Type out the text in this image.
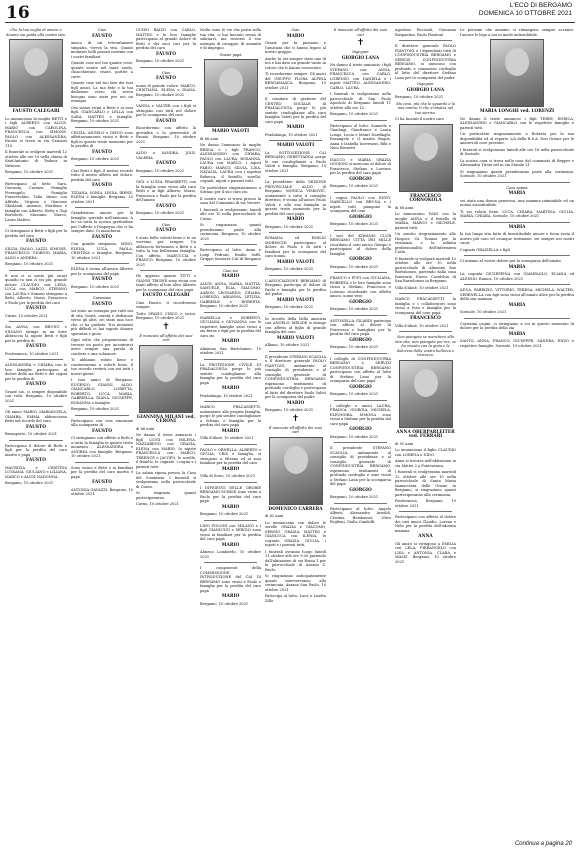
16	L'ECO DI BERGAMO
DOMENICA 10 OTTOBRE 2021

Che la tua voglia di amare e donare sia guida alla nostra vita.

FAUSTO CALEGARI

Lo annunciano la moglie BETTI e i figli ALBERTO con ALICE, MARIO con CAROLINA, FRANCESCA con SIMONE, PAOLO con ALESSANDRA. Fausto si trova in via Camozzi 110.

Il funerale si svolgerà martedì 12 ottobre alle ore 10 nella chiesa di Sant'Antonio di Padova in Valtesse.

Bergamo, 10 ottobre 2021

Partecipano al lutto: Sara, Giovanni, Carmen, Famiglia Pierangelo, Famiglia Franceschini, Talia Vanzo con Alfredo, Virginio e Giacomo Ghislandi, Antonio, Marilena e famiglia con Alberto, Betty e Gigi Bortolotti, Massimo, Marco, Laura Matteo.

Ci stringiamo a Betti e figli per la perdita del caro

FAUSTO

SILVIA, PAOLO, LAZZI, SIMONE, FRANCESCO, GIORGIO, MARIA, ALDO e ANDREA.

Bergamo, 10 ottobre 2021

E non ci si sente più sicuri quando tu non ci sei più, grande dolore CLAUDIO con LENA, LUCA con MARCO, STEFANO con LAURA e Simone stringono a Betti, Alberto, Mario, Francesca e Paolo per la perdita del caro

FAUSTO

Curno, 10 ottobre 2021

Zia ANNA con BRUNO e SILVANO stringe in un forte abbraccio la nipote Betti e figli per la perdita di

FAUSTO

Ponteranica, 10 ottobre 2021

ALESSANDRA e CHIARA con le loro famiglie partecipano al dolore della zia Betti e dei cugini per la perdita di

FAUSTO

Grazie zio, ci sempre disponibile con tutti. Bergamo, 10 ottobre 2021

Gli amici MARIO, MARIANGELA, GIAMBA, EMMA abbracciano Betti nel ricordo del caro

FAUSTO

Brusaporto, 10 ottobre 2021

Partecipano il dolore di Betti e figli per la perdita del caro marito e papà

FAUSTO

MAURIZIA e CRISTINA LUSSANA, GIULIANO e LILIANA, MARCO e ALICE NADONNA.

Bergamo, 10 ottobre 2021

Ciao

FAUSTO

amico di cui letteralmente simpatia, viveva la vita. Quanti momenti belli passati insieme con i nostri familiari.

Quante cose nel tuo quante cene, quante serate nel mare sardo, chiacchierate, risate, partite a carte.

Quante cose nel tuo fare dei tuoi figli amici. La tua fede e la tua dedizione verso chi aveva bisogno sono state per noi un esempio.

Ora siamo vicini a Betti e ai suoi figli. GIANCARLO e LELLA con SARA, MATTEO e famiglie. Bergamo, 10 ottobre 2021

CINZIA, ANGELO e DIEGO sono affettuosamente vicini a Betti e figli in questo triste momento per la perdita di

FAUSTO

Bergamo, 10 ottobre 2021

Cari Betti e figli, il nostro ricordo tutto il nostro affetto nel dolore, perdita del caro

FAUSTO

TIZIANA, SONIA, LINDA, IRENE, ELENA e famiglie. Bergamo, 10 ottobre 2021

Grandissimo amore per la famiglia, speciale nell'amicizia. A lui va tutta la nostra gratitudine per l'affetto e l'impegno che ci ha sempre dato. Ci mancherai.

FAUSTO

Con grande rimpianto, MINO, ELENA, LUCA, PAOLA, CRISTINA e famiglie. Bergamo, 10 ottobre 2021

ELENA è vicina all'amica Alberto per la scomparsa del papà

FAUSTO

Bergamo, 10 ottobre 2021

Carissimo

FAUSTO

sei stato un esempio per tutti noi di vita, bontà, onestà e dedizione verso gli altri, sei stato una luce che ci ha guidato. Nei momenti più difficili ci hai saputo donare speranza e gioia.

Ogni volta che proponevamo di trovare un posto per incontrarci avevi sempre una parola di conforto e una soluzione.

Ti abbiamo voluto bene e continueremo a volerti bene, il tuo ricordo resterà con noi tutti i nostri giorni.

I tuoi amici di Bergamo: EUGENIO, GIANNI, ALDO, GIANCARLO, LORETTA, ROBERTO, LUCA, MARIA, GABRIELLA, DIANA, GIUSEPPE, ROSANNA e famiglie.

Bergamo, 10 ottobre 2021

Partecipano con viva emozione alla scomparsa di

FAUSTO

Ci stringiamo con affetto a Betti e a tutta la famiglia in questo triste momento. ALESSANDRA e ANDREA con famiglie. Bergamo, 10 ottobre 2021

Sono vicino a Betti e ai familiari per la perdita del caro marito e papà

FAUSTO

ANTONIA GAVAZZI. Bergamo, 10 ottobre 2021

GUIDO BAIZO con CARLO, MATTEO e le loro famiglie partecipano al grande dolore di Betti e dei suoi cari per la perdita del caro

FAUSTO

Bergamo, 10 ottobre 2021

Ciao

FAUSTO

uomo di grande valore. MARCO, CRISTIANA, ELENA e DIANA. Bergamo, 10 ottobre 2021

VANNA e VALTER con i figli si stringono con tutti nel dolore per la scomparsa del caro

FAUSTO

Ricorderemo con affetto la giovialità e la generosità di Fausto. Bergamo, 10 ottobre 2021

ALDO e SANDRA, JOLE, VALERIA

FAUSTO

Bergamo, 10 ottobre 2021

GIGI e LUISA FRAMBETTI con la famiglia sono vicini alla cara Betti e ai figli Alberto, Mario, Francesca e Paolo per la perdita dell'amato

FAUSTO

Bergamo, 10 ottobre 2021

Ciao

FAUSTO

è stato bello volerti bene e te ne vorremo per sempre. Un abbraccio fortissimo a Betti e a tutta la tua bellissima famiglia. Con affetto, MARUCCIA e FRANCO. Bergamo, 10 ottobre 2021

Ho appreso quanto TITTI e GIANNI TRIONE sono vicini con tanto affetto al loro altro Alberto per la scomparsa del caro papà

FAUSTO CALEGARI

Ciao Fausto, ti ricorderemo sempre.

Tutto SPAZIO CIRCO e vicini. Bergamo, 10 ottobre 2021

✝

È mancato all'affetto dei suoi cari

GIANNINA MILANI ved. CERONI

di 86 anni

Ne danno il triste annuncio i figli LUIGI con MILENA, NAZZARENO con GRAZIA, ELENA con MARIO, la nipote FRANCESCA con MARCO, TERENCE e JACOPO, le sorelle, il fratello, le cognate, i cugini e i parenti tutti.

La salma riposa presso la Casa del Commiato. I funerali si svolgeranno nella parrocchiale di Curno.

Si ringrazia quanti parteciperanno.

Curno, 10 ottobre 2021

Molte sono le vie che porta sulla tua vita, ci hai lasciato senza di salutarci, ma resterai il suo esempio di coraggio, di umanità e di impegno.

Grazie papà

MARIO VALOTI

di 86 anni

Ne danno l'annuncio la moglie BERGA e i figli FRANCO, ALESSANDRO con CHIARA, PAOLO con LAURA, ROSANNA, LAURA con MARCO, i nipoti FABIO, MARCO, SILVIA, LISA, NATALIA, LAURA con i nipotini Rebecca, il fratello, sorella, cognati, nipoti e parenti tutti.

Un particolare ringraziamento a Silvano per il suo caro zio.

Il nostro caro si trova presso la casa del Commiato di via Verzeri.

I funerali si svolgeranno lunedì alle ore 10 nella parrocchiale di Curno.

Si ringraziano quanti prenderanno parte alla cerimonia. Bergamo, 10 ottobre 2021

Partecipano al lutto: Anna e Luigi Pedroni, Emilio Soffi, Gruppo Seniores CAI di Bergamo

Ciao zio

MARIO

ALICE, ANNA, MARIA, MATTIA, SAMUELE, ELIA, GIACOMO, AARON, LEONARDO, CHIARA, LORENZO, ARIANNA, LETIZIA, GABRIELE e ROBERTA. Bergamo, 10 ottobre 2021

MARIELLA e ROBERTO, GIULIANA e GIOVANNA con le rispettive famiglie sono vicini a zia Bersa e figli per la perdita del caro zio

MARIO

Almenno San Bartolomeo, 10 ottobre 2021

La PROTEZIONE CIVILE DI PRADALUNGA porge le più sentite condoglianze alla famiglia per la perdita del caro papà

MARIO

Pradalunga, 10 ottobre 2021

MARCO FRACASSETTI, unitamente alla propria famiglia, porge le più sentite condoglianze a Silvano e famiglia per la perdita del caro papà

MARIO

Villa d'Almè, 10 ottobre 2021

PAOLO e ORNELLA, ALBERTO e GIULIA, CRIS e famiglia, si stringono a Silvano ed ai suoi familiari per la perdita del caro

MARIO

Villa di Serio, 10 ottobre 2021

I DIPIGENTI DELLE OROBIE BERGAMO-SCHISE sono vicini a Paolo per la perdita del caro papà

MARIO

Bergamo, 10 ottobre 2021

LINO POLONI con MILANO e i figli GIANLUIGI e SERGIO sono vicini ai familiari per la perdita del caro papà

MARIO

Almeno Lombardo, 10 ottobre 2021

I componenti della COMMISSIONE INTRODUZIONE del CAI DI BERGAMO sono vicini a Paolo e famiglia per la perdita del caro papà

MARIO

Bergamo, 10 ottobre 2021

Ciao

MARIO

Grazie per la passione e l'amicizia che ti hanno legato al nostro gruppo.

Anche tu sei sempre stato uno di noi e hai dato un grande vanto in coloro che ti hanno conosciuto.

Ti ricorderemo sempre. Gli amici del GRUPPO FLORA ALPINA BERGAMASCA. Bergamo, 10 ottobre 2021

Il comitato di gestione del CENTRO SOCIALE di PRADALUNGA porge le più sentite condoglianze alla cara famiglia Valoti per la perdita del caro papà

MARIO

Pradalunga, 10 ottobre 2021

MARIO VALOTI

La SOTTOSEZIONE CAI BERGAMO GERETTADDA porge le sue condoglianze a Paolo Valoti e famiglia. Bergamo, 10 ottobre 2021

La presidente della SEZIONE PROVINCIALE ALDO di Bergamo, MONICA VISKOVIĆ, unitamente a tutto il consiglio direttivo, è vicina all'amico Paolo Valoti e alla sua famiglia in questo triste momento per la perdita del caro papà

MARIO

Bergamo, 10 ottobre 2021

ROMANA ed EMILIO MORESCHI partecipano al dolore di Paolo e di tutti i familiari per la scomparsa del caro nonno

MARIO VALOTI

Bergamo, 10 ottobre 2021

L'ASSOCIAZIONE BERGAMO di Bergamo partecipa al dolore di Paolo e famiglia per la perdita del padre

MARIO VALOTI

Bergamo, 10 ottobre 2021

In ricordo della bella amicizia con ANGELO, MELIDE si stringe con affetto al figlio di grande famiglia del caro

MARIO VALOTI

Albano, 10 ottobre 2021

Il presidente STEFANO SCAGLIA e il direttore generale PAOLO PIANTONI, unitamente al consiglio di presidenza e al consiglio generale di CONFINDUSTRIA BERGAMO, esprimono sentimenti di profondo cordoglio e partecipano al lutto del direttore Paolo Valoti per la scomparsa del padre

MARIO

Bergamo, 10 ottobre 2021

✝

È mancato all'affetto dei suoi cari

DOMENICO CARRERA

di 82 anni

Lo annunciano con dolore le sorelle GRAZIA e GIACOMO, SERGIO, GRAZIA, MATTEO e GIANLUCA con ILENIA, le cognate GRAZIA, GIULIA, i nipoti e i parenti tutti.

I funerali avranno luogo lunedì 11 ottobre alle ore 9:30 partendo dall'abitazione di via Roma 1 per la parrocchiale di Azzano S. Paolo.

Si ringraziano anticipatamente quanti interverranno alla cerimonia. Azzano San Paolo, 10 ottobre 2021

Partecipa al lutto: Luca e Lisetta Zillo

È mancato all'affetto dei suoi cari

✝

Ingegner

GIORGIO LANA

Ne danno il triste annuncio i figli STEFANO con ANNA, FRANCESCA con CARLO, LORENZO con DANIELA e i nipoti MATTEO, ALESSANDRO, CARLO, LAURA.

I funerali si svolgeranno nella parrocchiale di San Paolo Apostolo di Bergamo lunedì 11 ottobre alle ore 15.

Bergamo, 10 ottobre 2021

Partecipano al lutto: Samuele e Gianluigi, Gianfranco e Laura Longo, Lucia e Mauri Nardinghi, Rosangela e il marito Bugne, Anna e Isabella Invernizzi, Bibi e Nino Brunetti

ISACCO e MARIA GRAZIA OGGIONI si uniscono al dolore di Francesca, Stefano e Lorenzo per la perdita del caro papà

GIORGIO

Bergamo, 10 ottobre 2021

I cugini PAOLO con ENNY, MARCELLO con BRUNA e i nipoti tutti piangono la scomparsa del caro

GIORGIO

Bergamo, 10 ottobre 2021

I soci del KIWANIS CLUB BERGAMO CITTÀ DEI MILLE ricordano il caro amico Giorgio e partecipano al dolore della famiglia

GIORGIO

Bergamo, 10 ottobre 2021

FRANCO e PUPI con GIULIANA, ROBERTA e le loro famiglie sono vicini a Stefano, Francesca e Lorenzo ricordando con affetto amico, uomo vero

GIORGIO

Bergamo, 10 ottobre 2021

ANTONELLA GILARDI partecipa con affetto al dolore di Francesca e famigliari per la perdita del caro papà

GIORGIO

Bergamo, 10 ottobre 2021

I colleghi di CONFINDUSTRIA BERGAMO e SERVIZI CONFINDUSTRIA BERGAMO partecipano con affetto al lutto di Stefano Lana per la scomparsa del caro papà

GIORGIO

Bergamo, 10 ottobre 2021

I colleghi e amici LAURA, FRANCA, GIORGIA, MICHELA, ELEONORA, SIMONA sono vicini a Stefano per la perdita del caro papà

GIORGIO

Bergamo, 10 ottobre 2021

Il presidente STEFANO SCAGLIA, unitamente al consiglio di presidenza e al consiglio generale di CONFINDUSTRIA BERGAMO, esprimono sentimenti di profondo cordoglio e sono vicini a Stefano Lana per la scomparsa del papà

GIORGIO

Bergamo, 10 ottobre 2021

Partecipano al lutto: Angela Alberti, Alessandro Arnoldi, Cristina Bombassei, Olivo Foglieni, Giulio Gandolfi

Agostino Piccinali, Giovanna Ruspantini, Paolo Piantoni

Il direttore generale PAOLO PIANTONI e i dipendenti tutti di CONFINDUSTRIA BERGAMO e SERVIZI CONFINDUSTRIA BERGAMO, si uniscono con profondo e commosso cordoglio al lutto del direttore Stefano Lana per la scomparsa del padre

Ingegner

GIORGIO LANA

Bergamo, 10 ottobre 2021

Ma cosa, più che lo sguardo e la mia anima, ti che s'innalza nel tuo sorriso.

Ci ha lasciati il nostro caro

FRANCESCO CORNOKOLA

di 88 anni

Lo annunciano IVAN con la moglie ANNA e il fratello di MARIA, MARCO e MICHELE, parenti tutti.

Un sentito ringraziamento allo Hospice Cà Tomasi per la vicinanza e la infinita professionalità dell'infermiera Carla.

Il funerale si svolgerà martedì 12 ottobre alle ore 10 nella parrocchiale di Almenno San Bartolomeo, partendo dalla casa funeraria Nuovo Cavalchin di San Bartolomeo in Bergamo.

Villa d'Almè, 10 ottobre 2021

MARCO FRACASSETTI, la famiglia e i collaboratori sono vicini a Ivan e famiglia per la scomparsa del caro papà

FRANCESCO

Villa d'Almè, 10 ottobre 2021

Non piangete se mancherò alla mia vita, non piangete per me, se ho vissuto con la gioia e la dolcezza della vostra bellezza e tristezza.

ANNA OBERPARLEITER ved. FERRARI

di 91 anni

Lo annunciano il figlio CLAUDIO con LORENA e NIDO.

Anna si trovava nell'abitazione in via Mattei 2 a Ponteranica.

I funerali si svolgeranno martedì 12 ottobre alle ore 10 nella parrocchiale di Santa Maria Immacolata delle Grazie in Bergamo, si ringraziano quanti parteciperanno alla cerimonia.

Ponteranica, Bergamo, 10 ottobre 2021

Partecipano con affetto al dolore dei cari amici Claudio, Lorena e Nido per la perdita dell'adorata mamma

ANNA

Gli amici si stringono a EMILIA con LELA, PIERANGELO con LISA e ANTONIA, CLARA e MASSI. Bergamo, 10 ottobre 2021

Le persone che amiamo ci rimangono sempre accanto: l'amore le lega a noi in modo indissolubile.

MARIA LONGHI ved. LORENZI

Ne danno il triste annuncio i figli TERRY, ENRICA, ALESSANDRO e GIANCARLO con le rispettive famiglie e parenti tutti.

Un particolare ringraziamento a Roberta per la sua disponibilità ed al reparto 2/A della R.S.A. Don Orione per le amorevoli cure prestate.

I funerali si svolgeranno lunedì alle ore 16 nella parrocchiale di Sorisole.

La nostra cara si trova nella casa del commiato di Bepper e Alessandra Tironi nel in via Statale 21.

Si ringraziano quanti prenderanno parte alla cerimonia. Sorisole, 10 ottobre 2021

Cara nonna

MARIA

sei stata una donna generosa, una mamma inimitabile ed un nonna insostituibile.

Ti sei voluta bene, LUCA, CHIARA, MARTINA, GIULIA, MARIA, CHIARA. Sorisole, 10 ottobre 2021

MARIA

la tua lunga vita fatta di insostituibile amore e forza resta il nostro più caro ed ovunque testimone, sei sempre nei nostri cuori.

Cognata GRAZIELLA e figli

Ci uniamo al vostro dolore per la scomparsa dell'amata

MARIA

La cognata GIUSEPPINA con GIAMPAOLO, ELIANA ed ALESSIO. Ranica, 10 ottobre 2021

ADUA, FABRIZIO, VITTORIO, TERESA, MICHELA, WALTER, SERENELLA con figli sono vicini all'amato Alice per la perdita della sua mamma

MARIA

Sorisole, 10 ottobre 2021

Carissimi cugini, ci stringiamo a voi in questo momento di dolore per la perdita della zia

MARIA

SANTO, ANNA, FRANCO, GIUSEPPE, SANDRA, ENZO e rispettive famiglie. Sorisole, 10 ottobre 2021

Continua a pagina 20
